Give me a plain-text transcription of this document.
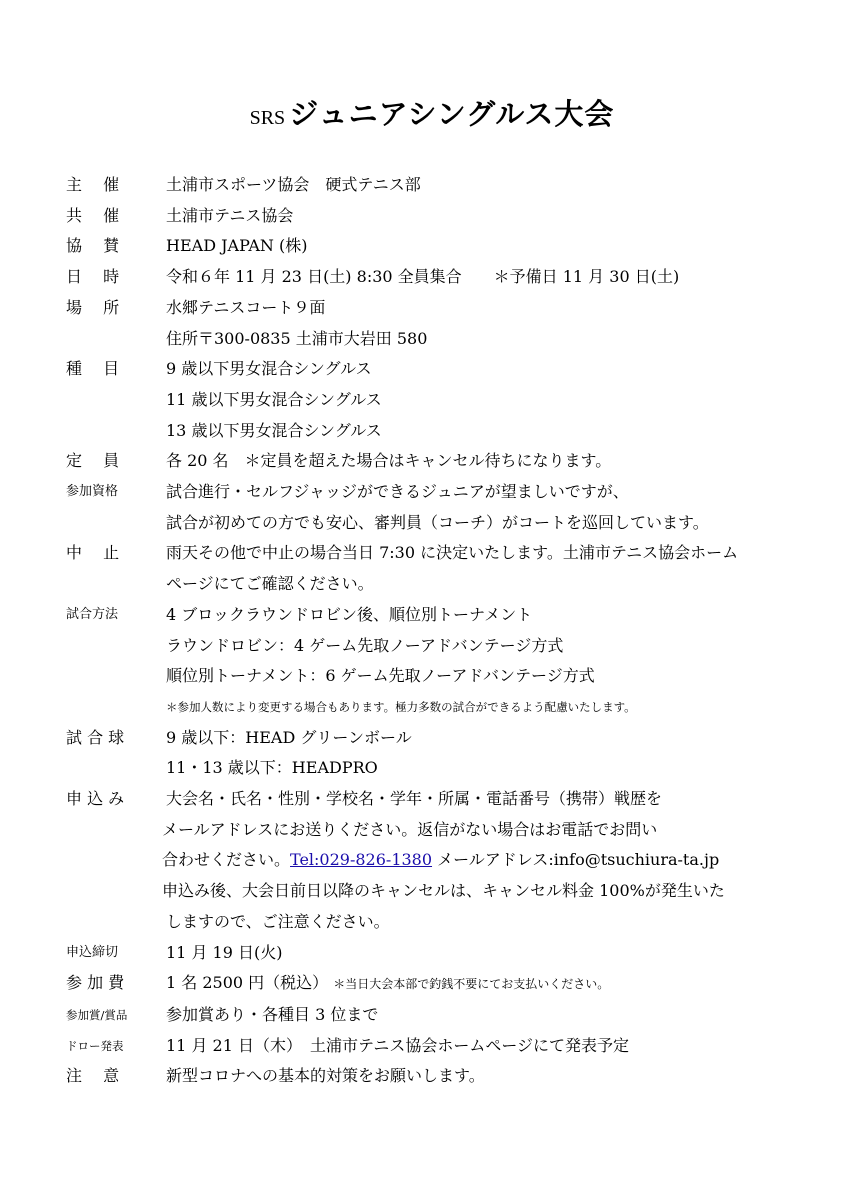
SRS ジュニアシングルス大会
主　 催	土浦市スポーツ協会　硬式テニス部
共　 催	土浦市テニス協会
協　 賛	HEAD JAPAN (株)
日　 時	令和６年 11 月 23 日(土) 8:30 全員集合　　＊予備日 11 月 30 日(土)
場　 所	水郷テニスコート９面
住所〒300‐0835 土浦市大岩田 580
種　 目	9 歳以下男女混合シングルス
11 歳以下男女混合シングルス
13 歳以下男女混合シングルス
定　 員	各 20 名　＊定員を超えた場合はキャンセル待ちになります。
参加資格	試合進行・セルフジャッジができるジュニアが望ましいですが、
試合が初めての方でも安心、審判員（コーチ）がコートを巡回しています。
中　 止	雨天その他で中止の場合当日 7:30 に決定いたします。土浦市テニス協会ホーム
ページにてご確認ください。
試合方法	4 ブロックラウンドロビン後、順位別トーナメント
ラウンドロビン：4 ゲーム先取ノーアドバンテージ方式
順位別トーナメント：6 ゲーム先取ノーアドバンテージ方式
＊参加人数により変更する場合もあります。極力多数の試合ができるよう配慮いたします。
試 合 球	9 歳以下：HEAD グリーンボール
11・13 歳以下：HEADPRO
申 込 み	大会名・氏名・性別・学校名・学年・所属・電話番号（携帯）戦歴を
メールアドレスにお送りください。返信がない場合はお電話でお問い
合わせください。Tel:029‐826‐1380 メールアドレス:info@tsuchiura‐ta.jp
申込み後、大会日前日以降のキャンセルは、キャンセル料金 100%が発生いた
しますので、ご注意ください。
申込締切	11 月 19 日(火)
参 加 費	1 名 2500 円（税込） ＊当日大会本部で釣銭不要にてお支払いください。
参加賞/賞品	参加賞あり・各種目 3 位まで
ドロー発表	11 月 21 日（木）　土浦市テニス協会ホームページにて発表予定
注　 意	新型コロナへの基本的対策をお願いします。
